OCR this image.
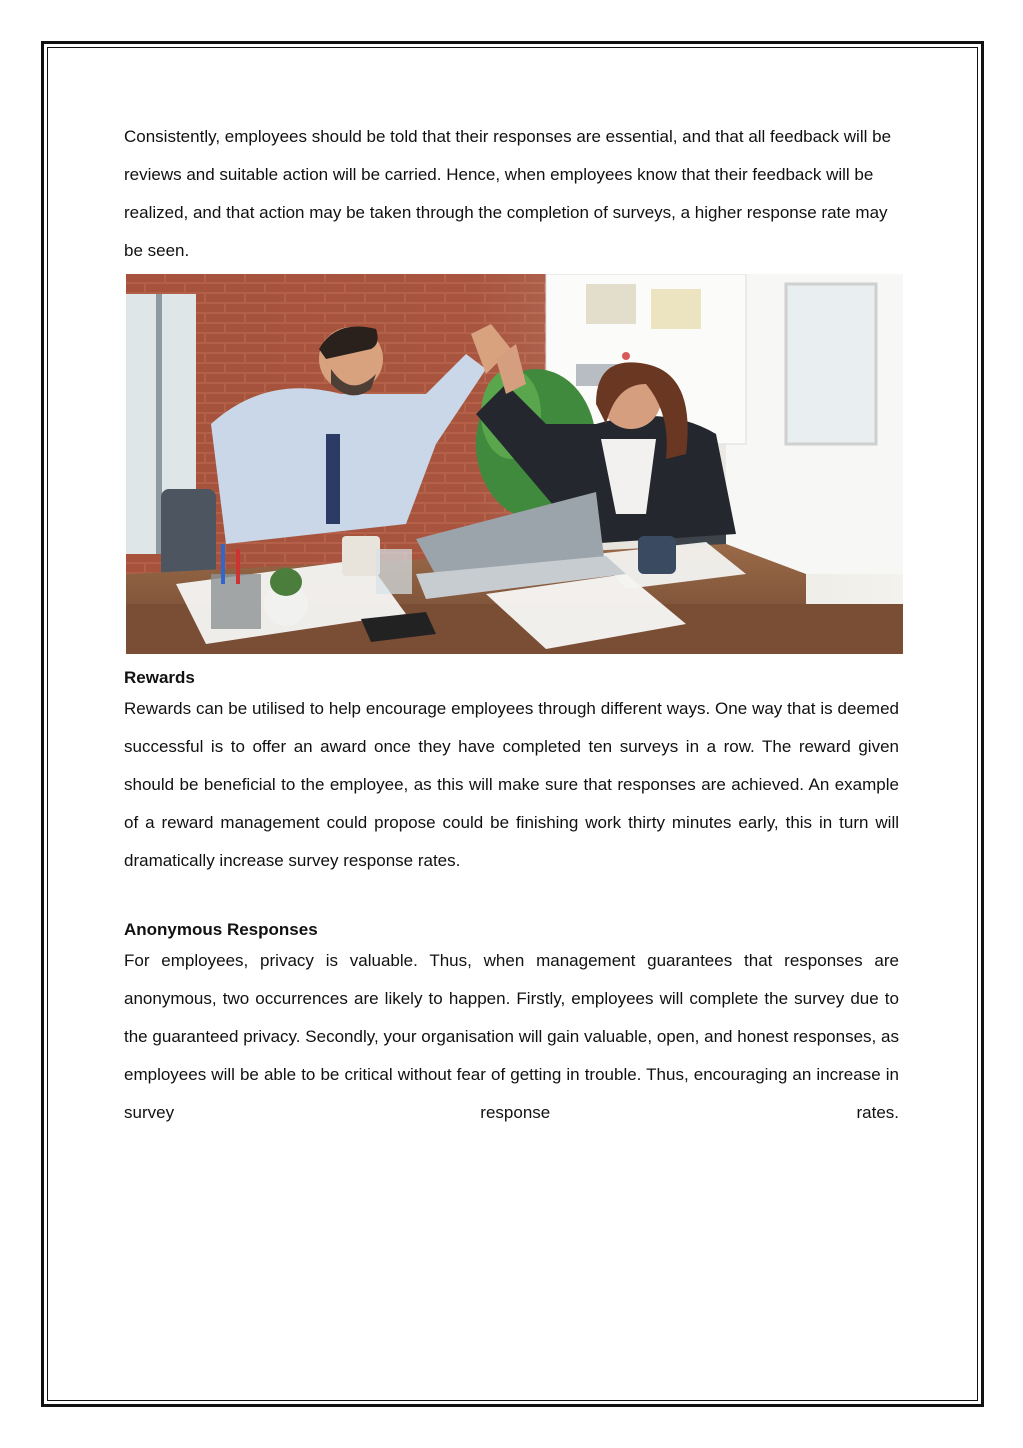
Consistently, employees should be told that their responses are essential, and that all feedback will be reviews and suitable action will be carried. Hence, when employees know that their feedback will be realized, and that action may be taken through the completion of surveys, a higher response rate may be seen.

Rewards

Rewards can be utilised to help encourage employees through different ways. One way that is deemed successful is to offer an award once they have completed ten surveys in a row. The reward given should be beneficial to the employee, as this will make sure that responses are achieved. An example of a reward management could propose could be finishing work thirty minutes early, this in turn will dramatically increase survey response rates.

Anonymous Responses

For employees, privacy is valuable. Thus, when management guarantees that responses are anonymous, two occurrences are likely to happen. Firstly, employees will complete the survey due to the guaranteed privacy. Secondly, your organisation will gain valuable, open, and honest responses, as employees will be able to be critical without fear of getting in trouble. Thus, encouraging an increase in survey response rates.
